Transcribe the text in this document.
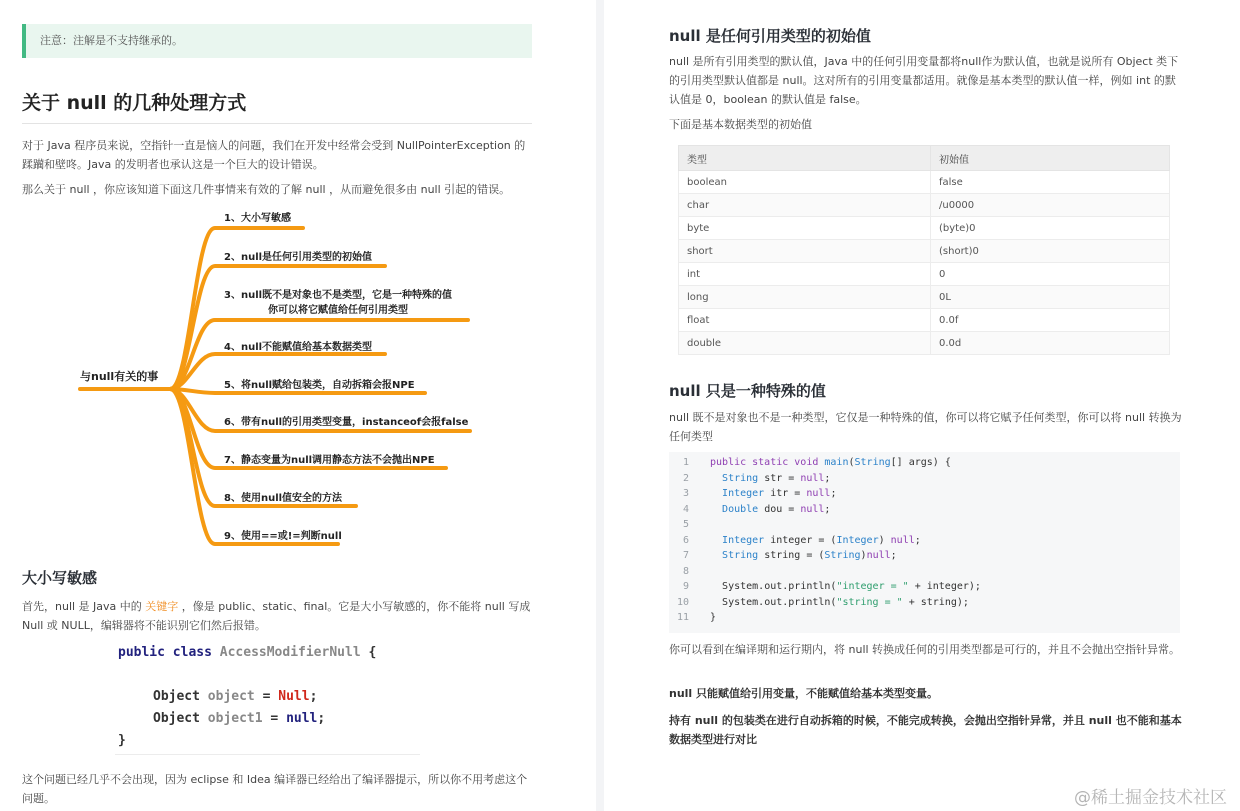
注意：注解是不支持继承的。
关于 null 的几种处理方式
对于 Java 程序员来说，空指针一直是恼人的问题，我们在开发中经常会受到 NullPointerException 的蹂躏和壁咚。Java 的发明者也承认这是一个巨大的设计错误。
那么关于 null ，你应该知道下面这几件事情来有效的了解 null ，从而避免很多由 null 引起的错误。
与null有关的事
1、大小写敏感
2、null是任何引用类型的初始值
3、null既不是对象也不是类型，它是一种特殊的值
你可以将它赋值给任何引用类型
4、null不能赋值给基本数据类型
5、将null赋给包装类，自动拆箱会报NPE
6、带有null的引用类型变量，instanceof会报false
7、静态变量为null调用静态方法不会抛出NPE
8、使用null值安全的方法
9、使用==或!=判断null
大小写敏感
首先，null 是 Java 中的 关键字 ，像是 public、static、final。它是大小写敏感的，你不能将 null 写成 Null 或 NULL，编辑器将不能识别它们然后报错。
public class AccessModifierNull {
Object object = Null;
Object object1 = null;
}
这个问题已经几乎不会出现，因为 eclipse 和 Idea 编译器已经给出了编译器提示，所以你不用考虑这个问题。
null 是任何引用类型的初始值
null 是所有引用类型的默认值，Java 中的任何引用变量都将null作为默认值，也就是说所有 Object 类下的引用类型默认值都是 null。这对所有的引用变量都适用。就像是基本类型的默认值一样，例如 int 的默认值是 0，boolean 的默认值是 false。
下面是基本数据类型的初始值
类型	初始值
boolean	false
char	/u0000
byte	(byte)0
short	(short)0
int	0
long	0L
float	0.0f
double	0.0d
null 只是一种特殊的值
null 既不是对象也不是一种类型，它仅是一种特殊的值，你可以将它赋予任何类型，你可以将 null 转换为任何类型
1 public static void main(String[] args) {
2	String str = null;
3	Integer itr = null;
4	Double dou = null;
5
6	Integer integer = (Integer) null;
7	String string = (String)null;
8
9	System.out.println("integer = " + integer);
10	System.out.println("string = " + string);
11 }
你可以看到在编译期和运行期内，将 null 转换成任何的引用类型都是可行的，并且不会抛出空指针异常。
null 只能赋值给引用变量，不能赋值给基本类型变量。
持有 null 的包装类在进行自动拆箱的时候，不能完成转换，会抛出空指针异常，并且 null 也不能和基本数据类型进行对比
@稀土掘金技术社区
